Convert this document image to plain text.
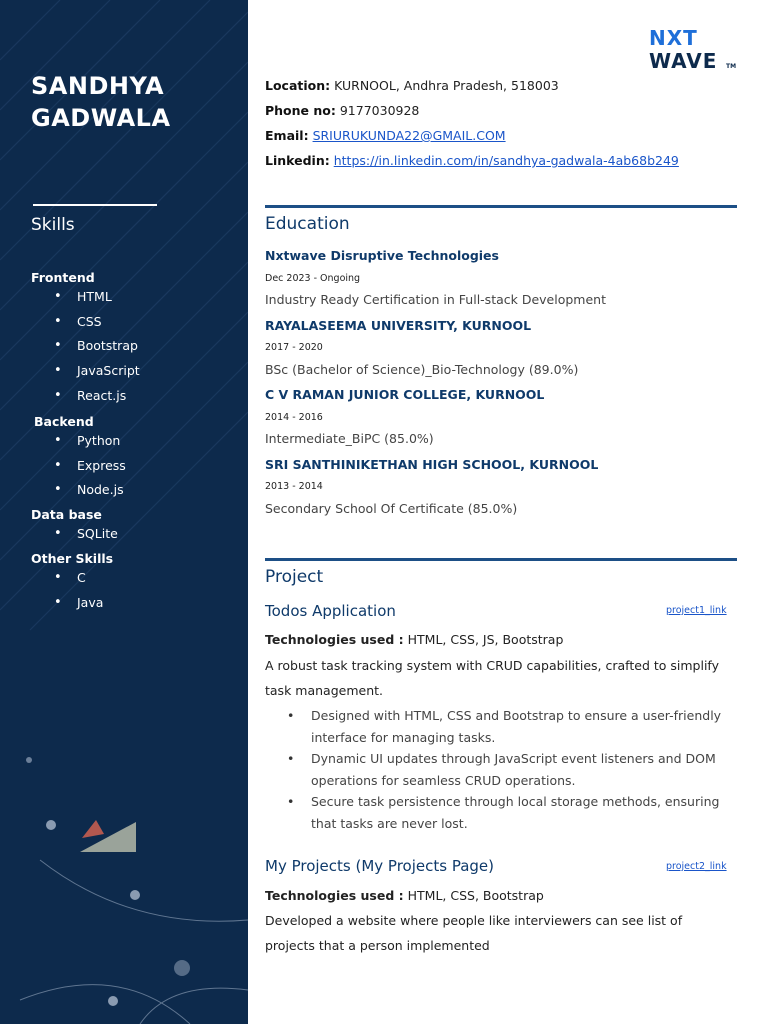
SANDHYA
GADWALA
Skills
Frontend
• HTML
• CSS
• Bootstrap
• JavaScript
• React.js
Backend
• Python
• Express
• Node.js
Data base
• SQLite
Other Skills
• C
• Java
NXT
WAVE TM
Location: KURNOOL, Andhra Pradesh, 518003
Phone no: 9177030928
Email: SRIURUKUNDA22@GMAIL.COM
Linkedin: https://in.linkedin.com/in/sandhya-gadwala-4ab68b249
Education
Nxtwave Disruptive Technologies
Dec 2023 - Ongoing
Industry Ready Certification in Full-stack Development
RAYALASEEMA UNIVERSITY, KURNOOL
2017 - 2020
BSc (Bachelor of Science)_Bio-Technology (89.0%)
C V RAMAN JUNIOR COLLEGE, KURNOOL
2014 - 2016
Intermediate_BiPC (85.0%)
SRI SANTHINIKETHAN HIGH SCHOOL, KURNOOL
2013 - 2014
Secondary School Of Certificate (85.0%)
Project
Todos Application	project1_link
Technologies used : HTML, CSS, JS, Bootstrap
A robust task tracking system with CRUD capabilities, crafted to simplify task management.
• Designed with HTML, CSS and Bootstrap to ensure a user-friendly interface for managing tasks.
• Dynamic UI updates through JavaScript event listeners and DOM operations for seamless CRUD operations.
• Secure task persistence through local storage methods, ensuring that tasks are never lost.
My Projects (My Projects Page)	project2_link
Technologies used : HTML, CSS, Bootstrap
Developed a website where people like interviewers can see list of projects that a person implemented
